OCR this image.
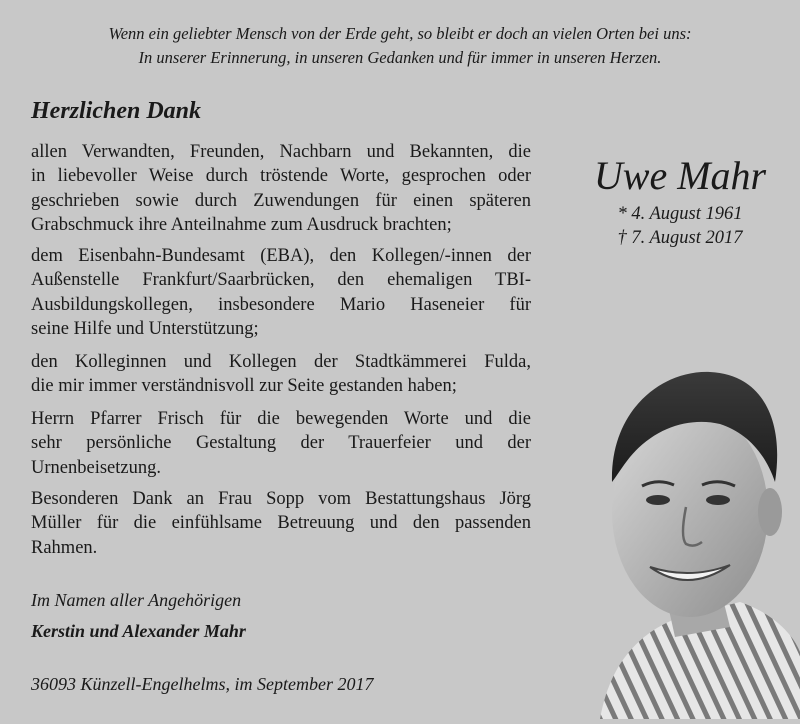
Wenn ein geliebter Mensch von der Erde geht, so bleibt er doch an vielen Orten bei uns:
In unserer Erinnerung, in unseren Gedanken und für immer in unseren Herzen.
Herzlichen Dank
allen Verwandten, Freunden, Nachbarn und Bekannten, die
in liebevoller Weise durch tröstende Worte, gesprochen oder
geschrieben sowie durch Zuwendungen für einen späteren
Grabschmuck ihre Anteilnahme zum Ausdruck brachten;
dem Eisenbahn-Bundesamt (EBA), den Kollegen/-innen der
Außenstelle Frankfurt/Saarbrücken, den ehemaligen TBI-
Ausbildungskollegen, insbesondere Mario Haseneier für
seine Hilfe und Unterstützung;
den Kolleginnen und Kollegen der Stadtkämmerei Fulda,
die mir immer verständnisvoll zur Seite gestanden haben;
Herrn Pfarrer Frisch für die bewegenden Worte und die
sehr persönliche Gestaltung der Trauerfeier und der
Urnenbeisetzung.
Besonderen Dank an Frau Sopp vom Bestattungshaus Jörg
Müller für die einfühlsame Betreuung und den passenden
Rahmen.
Im Namen aller Angehörigen
Kerstin und Alexander Mahr
36093 Künzell-Engelhelms, im September 2017
Uwe Mahr
* 4. August 1961
† 7. August 2017
